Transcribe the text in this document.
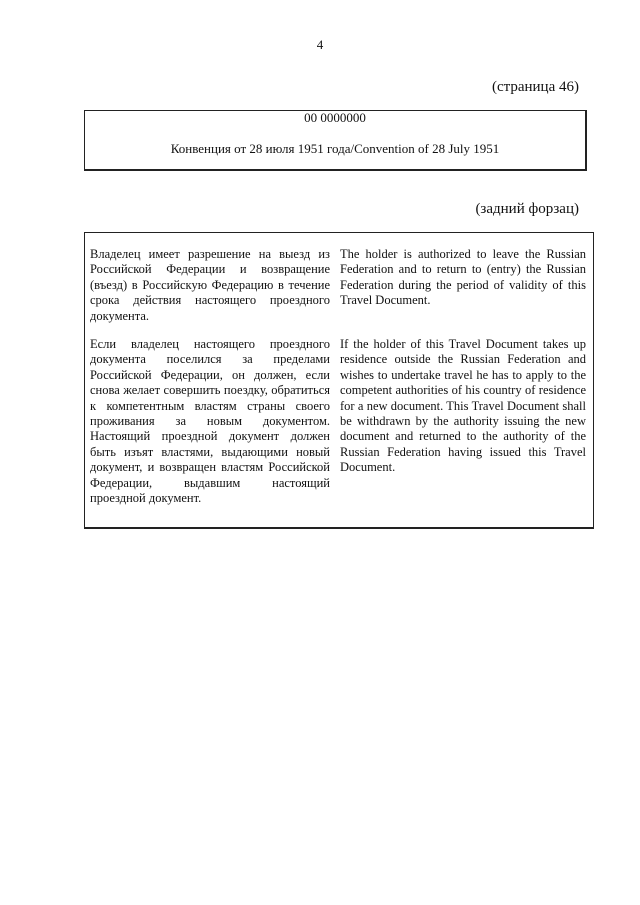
4
(страница 46)
00 0000000
Конвенция от 28 июля 1951 года/Convention of 28 July 1951
(задний форзац)

Владелец имеет разрешение на выезд из Российской Федерации и возвращение (въезд) в Российскую Федерацию в течение срока действия настоящего проездного документа.

The holder is authorized to leave the Russian Federation and to return to (entry) the Russian Federation during the period of validity of this Travel Document.

Если владелец настоящего проездного документа поселился за пределами Российской Федерации, он должен, если снова желает совершить поездку, обратиться к компетентным властям страны своего проживания за новым документом. Настоящий проездной документ должен быть изъят властями, выдающими новый документ, и возвращен властям Российской Федерации, выдавшим настоящий проездной документ.

If the holder of this Travel Document takes up residence outside the Russian Federation and wishes to undertake travel he has to apply to the competent authorities of his country of residence for a new document. This Travel Document shall be withdrawn by the authority issuing the new document and returned to the authority of the Russian Federation having issued this Travel Document.
